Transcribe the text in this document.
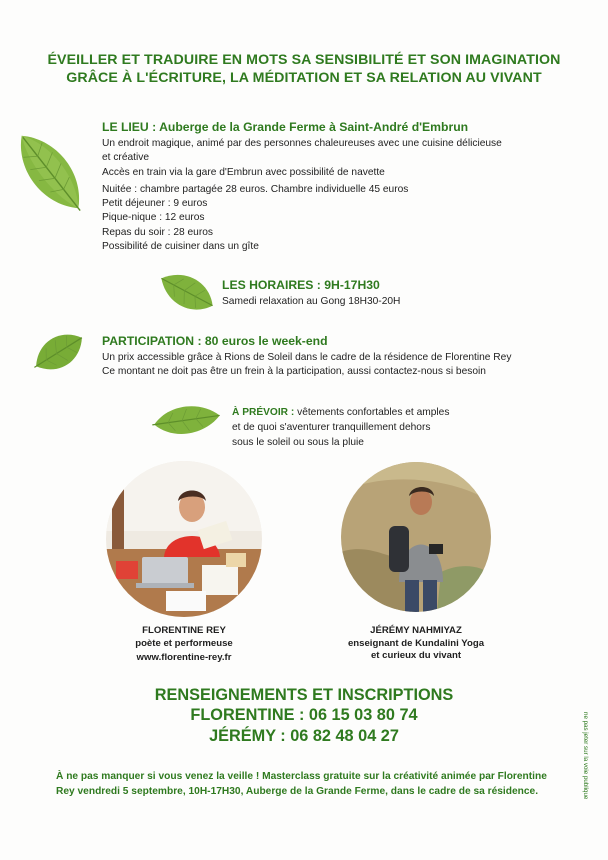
ÉVEILLER ET TRADUIRE EN MOTS SA SENSIBILITÉ ET SON IMAGINATION
GRÂCE À L'ÉCRITURE, LA MÉDITATION ET SA RELATION AU VIVANT
LE LIEU : Auberge de la Grande Ferme à Saint-André d'Embrun
Un endroit magique, animé par des personnes chaleureuses avec une cuisine délicieuse
et créative
Accès en train via la gare d'Embrun avec possibilité de navette
Nuitée : chambre partagée 28 euros. Chambre individuelle 45 euros
Petit déjeuner : 9 euros
Pique-nique : 12 euros
Repas du soir : 28 euros
Possibilité de cuisiner dans un gîte
LES HORAIRES : 9H-17H30
Samedi relaxation au Gong 18H30-20H
PARTICIPATION : 80 euros le week-end
Un prix accessible grâce à Rions de Soleil dans le cadre de la résidence de Florentine Rey
Ce montant ne doit pas être un frein à la participation, aussi contactez-nous si besoin
À PRÉVOIR : vêtements confortables et amples
et de quoi s'aventurer tranquillement dehors
sous le soleil ou sous la pluie
FLORENTINE REY
poète et performeuse
www.florentine-rey.fr
JÉRÉMY NAHMIYAZ
enseignant de Kundalini Yoga
et curieux du vivant
RENSEIGNEMENTS ET INSCRIPTIONS
FLORENTINE : 06 15 03 80 74
JÉRÉMY : 06 82 48 04 27
À ne pas manquer si vous venez la veille ! Masterclass gratuite sur la créativité animée par Florentine
Rey vendredi 5 septembre, 10H-17H30, Auberge de la Grande Ferme, dans le cadre de sa résidence.	ne pas jeter sur la voie publique
